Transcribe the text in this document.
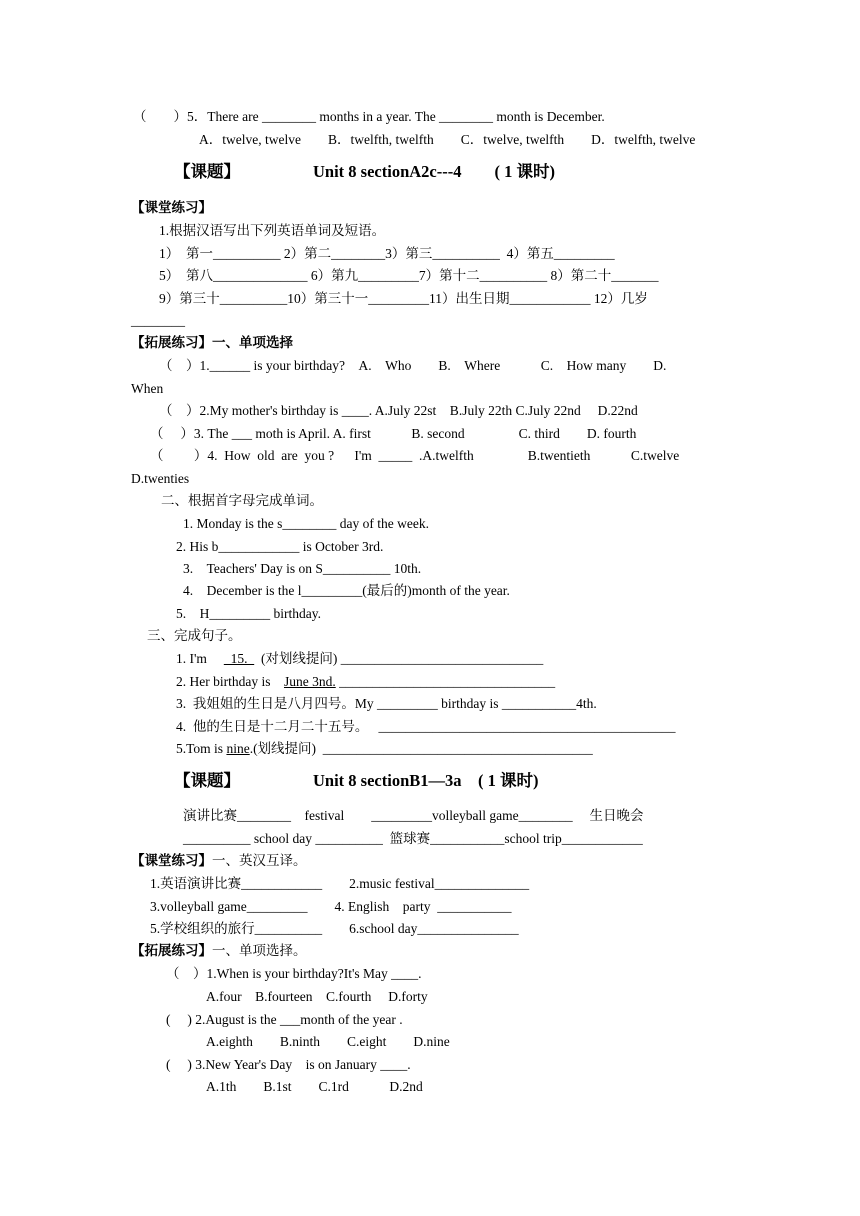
（　　）5．There are ________ months in a year. The ________ month is December.
A．twelve, twelve　　B．twelfth, twelfth　　C．twelve, twelfth　　D．twelfth, twelve
【课题】	Unit 8 sectionA2c---4　　( 1 课时)
【课堂练习】
1.根据汉语写出下列英语单词及短语。
1）　第一__________ 2）第二________3）第三__________  4）第五_________
5）　第八______________ 6）第九_________7）第十二__________ 8）第二十_______
9）第三十__________10）第三十一_________11）出生日期____________ 12）几岁
________
【拓展练习】一、单项选择
（　）1.______ is your birthday?　A.　Who　　B.　Where　　　C.　How many　　D.
When
（　）2.My mother's birthday is ____. A.July 22st　B.July 22th C.July 22nd　 D.22nd
（　 ）3. The ___ moth is April. A. first　　　B. second　　　　C. third　　D. fourth
（　　 ）4.  How  old  are  you ?　  I'm  _____  .A.twelfth　　　　B.twentieth　　　C.twelve
D.twenties
二、根据首字母完成单词。
1. Monday is the s________ day of the week.
2. His b____________ is October 3rd.
3.　Teachers' Day is on S__________ 10th.
4.　December is the l_________(最后的)month of the year.
5.　H_________ birthday.
三、完成句子。
1. I'm　   15.    (对划线提问) ______________________________
2. Her birthday is　June 3nd. ________________________________
3.  我姐姐的生日是八月四号。My _________ birthday is ___________4th.
4.  他的生日是十二月二十五号。　 ____________________________________________
5.Tom is nine.(划线提问)  ________________________________________
【课题】	Unit 8 sectionB1—3a　( 1 课时)
演讲比赛________　festival　　_________volleyball game________　 生日晚会
__________ school day __________  篮球赛___________school trip____________
【课堂练习】一、英汉互译。
1.英语演讲比赛____________　　2.music festival______________
3.volleyball game_________　　4. English　party  ___________
5.学校组织的旅行__________　　6.school day_______________
【拓展练习】一、单项选择。
（　）1.When is your birthday?It's May ____.
A.four　B.fourteen　C.fourth　 D.forty
(　 ) 2.August is the ___month of the year .
A.eighth　　B.ninth　　C.eight　　D.nine
(　 ) 3.New Year's Day　is on January ____.
A.1th　　B.1st　　C.1rd　　　D.2nd
